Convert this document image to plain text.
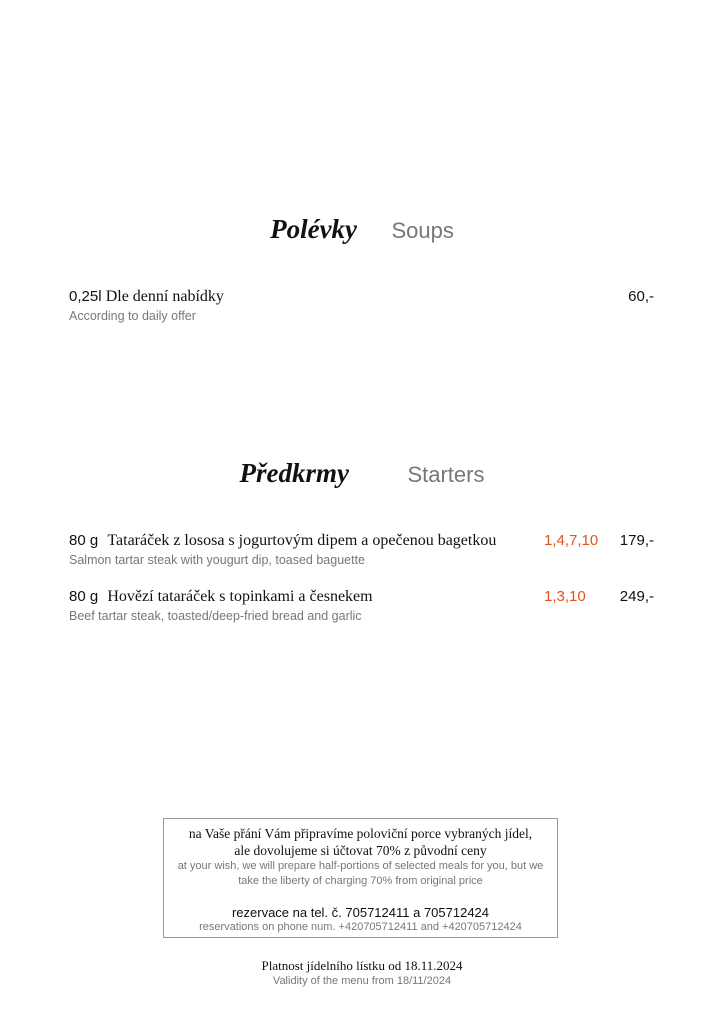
Polévky Soups
0,25l Dle denní nabídky	60,-
According to daily offer
Předkrmy	Starters
80 g Tataráček z lososa s jogurtovým dipem a opečenou bagetkou	1,4,7,10 179,-
Salmon tartar steak with yougurt dip, toased baguette
80 g Hovězí tataráček s topinkami a česnekem	1,3,10 249,-
Beef tartar steak, toasted/deep-fried bread and garlic
na Vaše přání Vám připravíme poloviční porce vybraných jídel,
ale dovolujeme si účtovat 70% z původní ceny
at your wish, we will prepare half-portions of selected meals for you, but we
take the liberty of charging 70% from original price
rezervace na tel. č. 705712411 a 705712424
reservations on phone num. +420705712411 and +420705712424
Platnost jídelního lístku od 18.11.2024
Validity of the menu from 18/11/2024
